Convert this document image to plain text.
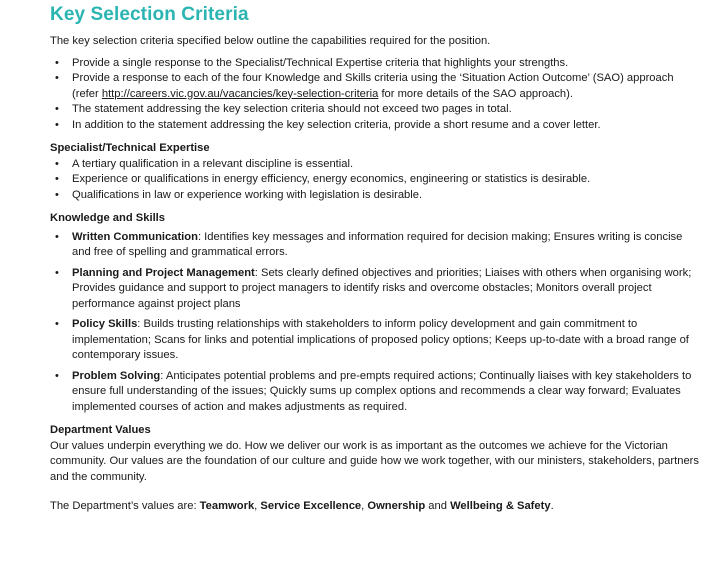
Key Selection Criteria

The key selection criteria specified below outline the capabilities required for the position.

• Provide a single response to the Specialist/Technical Expertise criteria that highlights your strengths.
• Provide a response to each of the four Knowledge and Skills criteria using the ‘Situation Action Outcome’ (SAO) approach (refer http://careers.vic.gov.au/vacancies/key-selection-criteria for more details of the SAO approach).
• The statement addressing the key selection criteria should not exceed two pages in total.
• In addition to the statement addressing the key selection criteria, provide a short resume and a cover letter.

Specialist/Technical Expertise

• A tertiary qualification in a relevant discipline is essential.
• Experience or qualifications in energy efficiency, energy economics, engineering or statistics is desirable.
• Qualifications in law or experience working with legislation is desirable.

Knowledge and Skills

• Written Communication: Identifies key messages and information required for decision making; Ensures writing is concise and free of spelling and grammatical errors.
• Planning and Project Management: Sets clearly defined objectives and priorities; Liaises with others when organising work; Provides guidance and support to project managers to identify risks and overcome obstacles; Monitors overall project performance against project plans
• Policy Skills: Builds trusting relationships with stakeholders to inform policy development and gain commitment to implementation; Scans for links and potential implications of proposed policy options; Keeps up-to-date with a broad range of contemporary issues.
• Problem Solving: Anticipates potential problems and pre-empts required actions; Continually liaises with key stakeholders to ensure full understanding of the issues; Quickly sums up complex options and recommends a clear way forward; Evaluates implemented courses of action and makes adjustments as required.

Department Values

Our values underpin everything we do. How we deliver our work is as important as the outcomes we achieve for the Victorian community. Our values are the foundation of our culture and guide how we work together, with our ministers, stakeholders, partners and the community.

The Department’s values are: Teamwork, Service Excellence, Ownership and Wellbeing & Safety.
